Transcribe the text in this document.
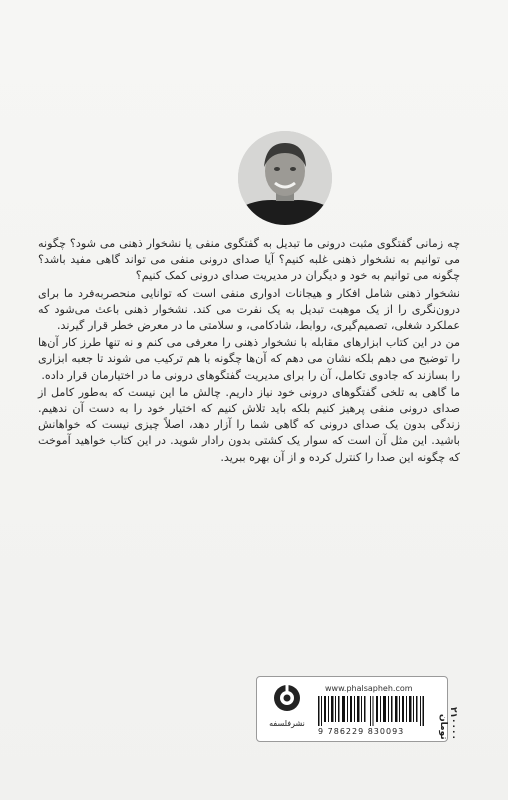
چه زمانی گفتگوی مثبت درونی ما تبدیل به گفتگوی منفی یا نشخوار ذهنی می شود؟ چگونه می توانیم به نشخوار ذهنی غلبه کنیم؟ آیا صدای درونی منفی می تواند گاهی مفید باشد؟ چگونه می توانیم به خود و دیگران در مدیریت صدای درونی کمک کنیم؟

نشخوار ذهنی شامل افکار و هیجانات ادواری منفی است که توانایی منحصربه‌فرد ما برای درون‌نگری را از یک موهبت تبدیل به یک نفرت می کند. نشخوار ذهنی باعث می‌شود که عملکرد شغلی، تصمیم‌گیری، روابط، شادکامی، و سلامتی ما در معرض خطر قرار گیرند.

من در این کتاب ابزارهای مقابله با نشخوار ذهنی را معرفی می کنم و نه تنها طرز کار آن‌ها را توضیح می دهم بلکه نشان می دهم که آن‌ها چگونه با هم ترکیب می شوند تا جعبه ابزاری را بسازند که جادوی تکامل، آن را برای مدیریت گفتگوهای درونی ما در اختیارمان قرار داده.

ما گاهی به تلخی گفتگوهای درونی خود نیاز داریم. چالش ما این نیست که به‌طور کامل از صدای درونی منفی پرهیز کنیم بلکه باید تلاش کنیم که اختیار خود را به دست آن ندهیم. زندگی بدون یک صدای درونی که گاهی شما را آزار دهد، اصلاً چیزی نیست که خواهانش باشید. این مثل آن است که سوار یک کشتی بدون رادار شوید. در این کتاب خواهید آموخت که چگونه این صدا را کنترل کرده و از آن بهره ببرید.

نشرفلسفه
www.phalsapheh.com
9 786229 830093	۲۱۰۰۰۰ تومان
